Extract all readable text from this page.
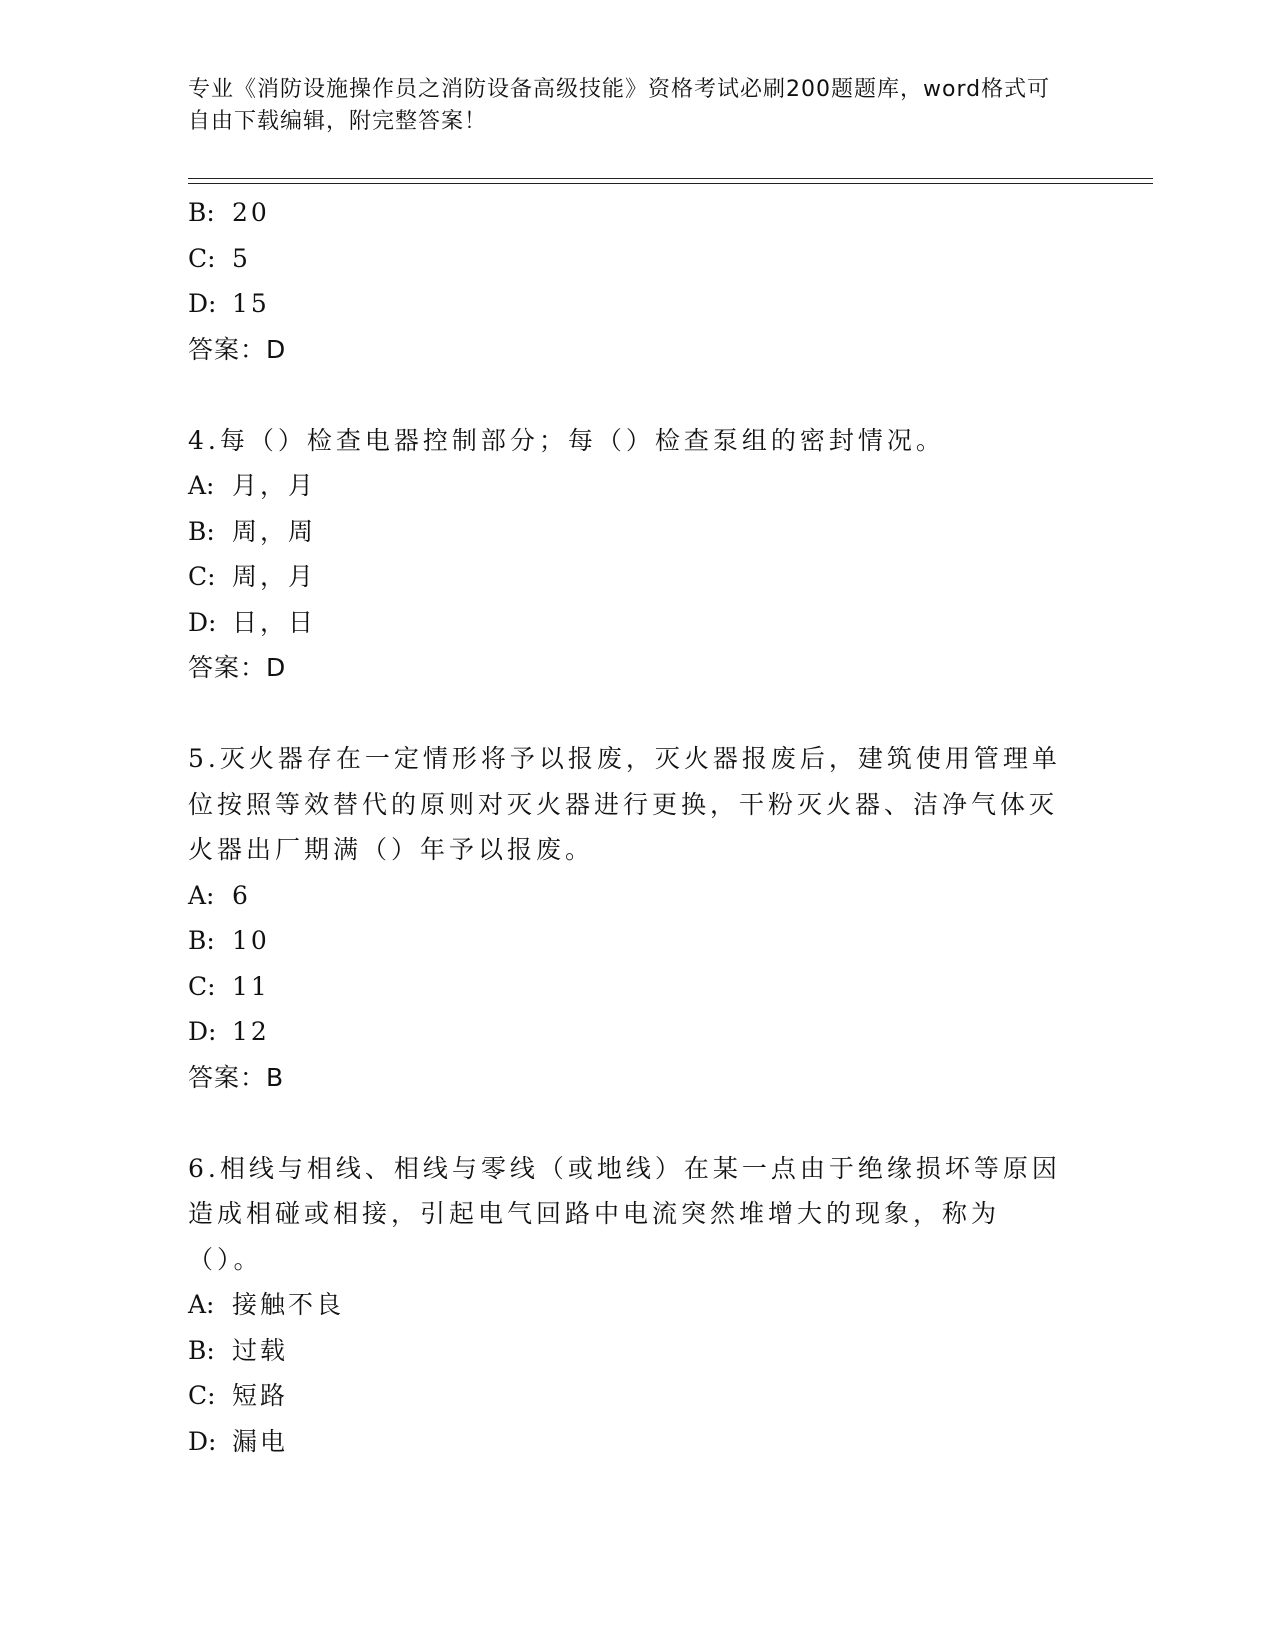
专业《消防设施操作员之消防设备高级技能》资格考试必刷200题题库，word格式可自由下载编辑，附完整答案！
B: 20
C: 5
D: 15
答案：D
4.每（）检查电器控制部分；每（）检查泵组的密封情况。
A: 月，月
B: 周，周
C: 周，月
D: 日，日
答案：D
5.灭火器存在一定情形将予以报废，灭火器报废后，建筑使用管理单位按照等效替代的原则对灭火器进行更换，干粉灭火器、洁净气体灭火器出厂期满（）年予以报废。
A: 6
B: 10
C: 11
D: 12
答案：B
6.相线与相线、相线与零线（或地线）在某一点由于绝缘损坏等原因造成相碰或相接，引起电气回路中电流突然堆增大的现象，称为（）。
A: 接触不良
B: 过载
C: 短路
D: 漏电
